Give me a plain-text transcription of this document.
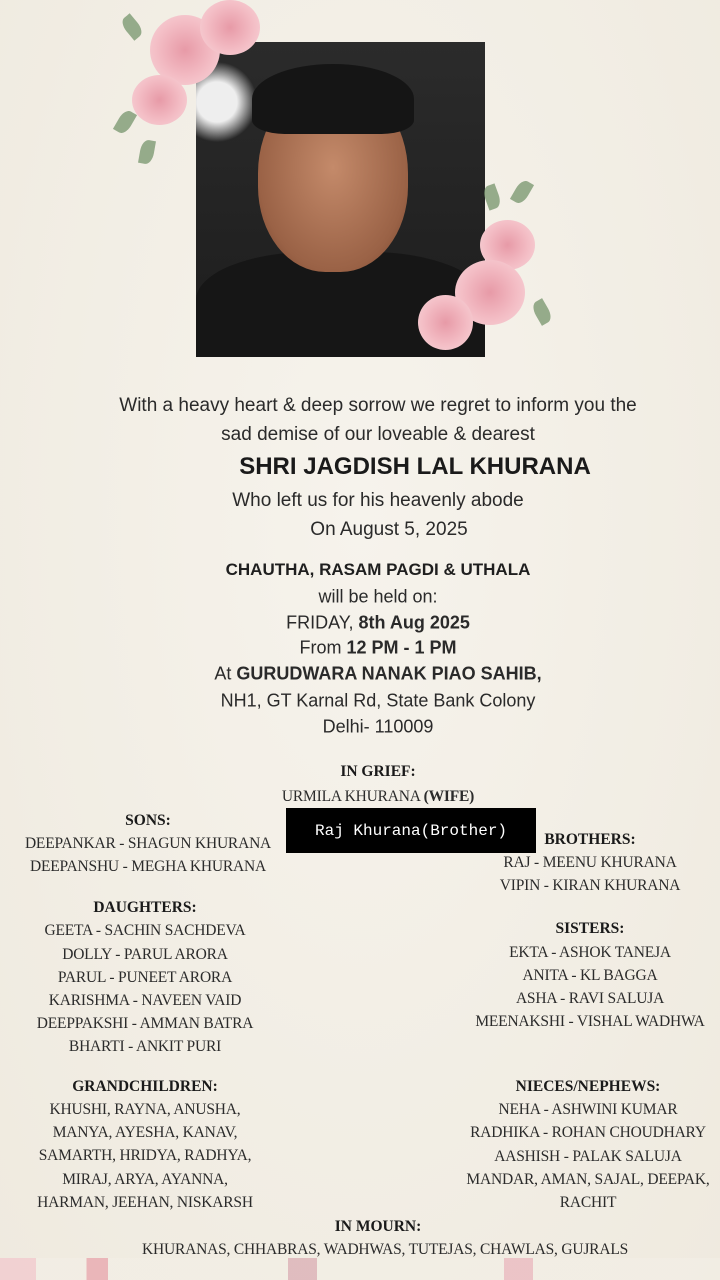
With a heavy heart & deep sorrow we regret to inform you the
sad demise of our loveable & dearest
SHRI JAGDISH LAL KHURANA
Who left us for his heavenly abode
On August 5, 2025
CHAUTHA, RASAM PAGDI & UTHALA
will be held on:
FRIDAY, 8th Aug 2025
From 12 PM - 1 PM
At GURUDWARA NANAK PIAO SAHIB,
NH1, GT Karnal Rd, State Bank Colony
Delhi- 110009
IN GRIEF:
URMILA KHURANA (WIFE)
SONS:
DEEPANKAR - SHAGUN KHURANA
DEEPANSHU - MEGHA KHURANA
BROTHERS:
RAJ - MEENU KHURANA
VIPIN - KIRAN KHURANA
DAUGHTERS:
GEETA - SACHIN SACHDEVA
DOLLY - PARUL ARORA
PARUL - PUNEET ARORA
KARISHMA - NAVEEN VAID
DEEPPAKSHI - AMMAN BATRA
BHARTI - ANKIT PURI
SISTERS:
EKTA - ASHOK TANEJA
ANITA - KL BAGGA
ASHA - RAVI SALUJA
MEENAKSHI - VISHAL WADHWA
GRANDCHILDREN:
KHUSHI, RAYNA, ANUSHA,
MANYA, AYESHA, KANAV,
SAMARTH, HRIDYA, RADHYA,
MIRAJ, ARYA, AYANNA,
HARMAN, JEEHAN, NISKARSH
NIECES/NEPHEWS:
NEHA - ASHWINI KUMAR
RADHIKA - ROHAN CHOUDHARY
AASHISH - PALAK SALUJA
MANDAR, AMAN, SAJAL, DEEPAK,
RACHIT
IN MOURN:
KHURANAS, CHHABRAS, WADHWAS, TUTEJAS, CHAWLAS, GUJRALS
Raj Khurana(Brother)
